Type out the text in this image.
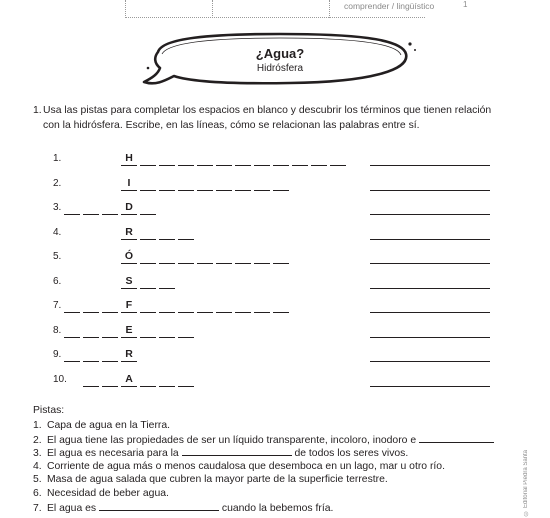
comprender / lingüístico	1
¿Agua?
Hidrósfera
1. Usa las pistas para completar los espacios en blanco y descubrir los términos que tienen relación con la hidrósfera. Escribe, en las líneas, cómo se relacionan las palabras entre sí.
1.	H
2.	I
3.	D
4.	R
5.	Ó
6.	S
7.	F
8.	E
9.	R
10.	A
Pistas:
1. Capa de agua en la Tierra.
2. El agua tiene las propiedades de ser un líquido transparente, incoloro, inodoro e
3. El agua es necesaria para la	de todos los seres vivos.
4. Corriente de agua más o menos caudalosa que desemboca en un lago, mar u otro río.
5. Masa de agua salada que cubren la mayor parte de la superficie terrestre.
6. Necesidad de beber agua.
7. El agua es	cuando la bebemos fría.	© Editorial Piedra Santa
